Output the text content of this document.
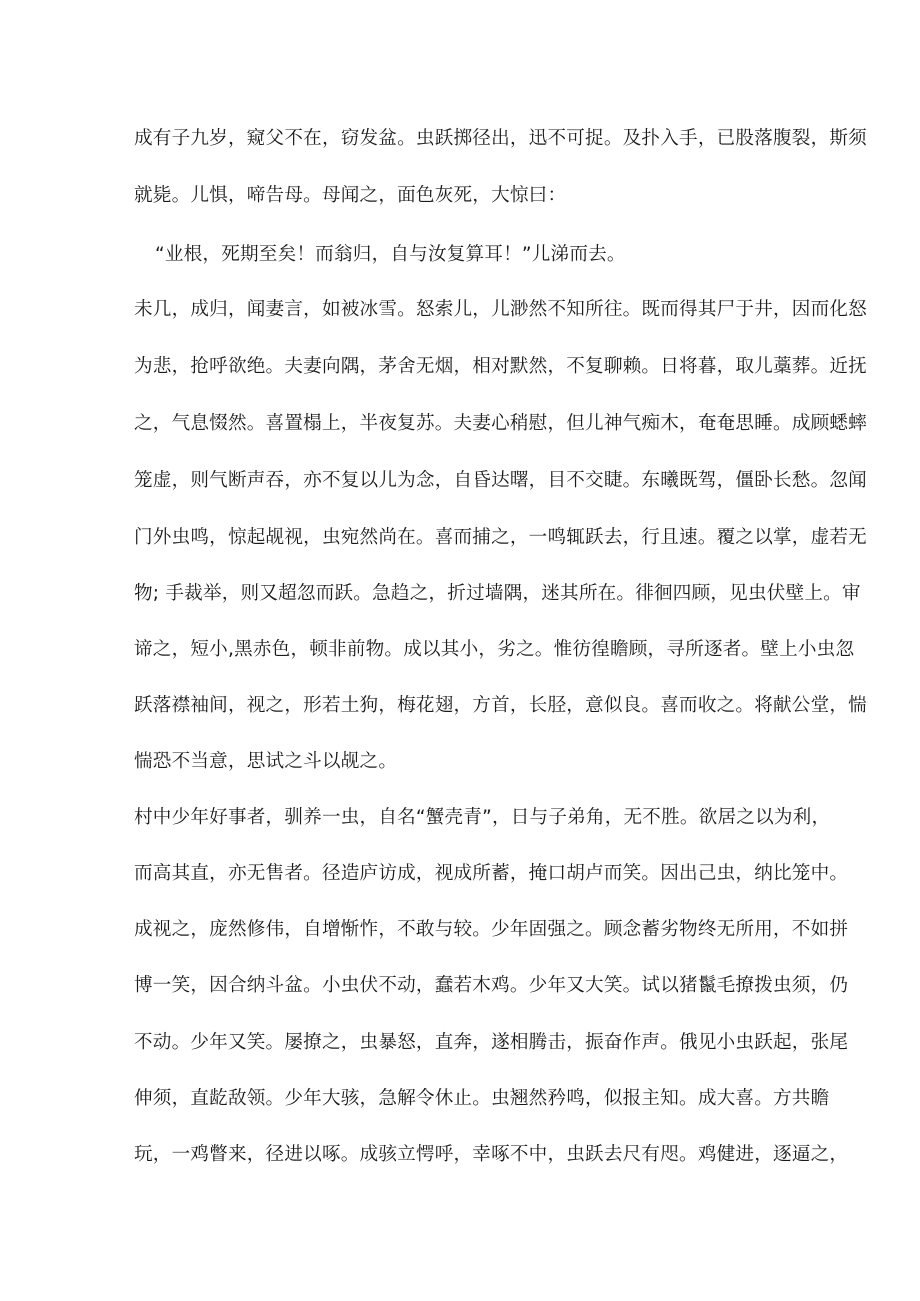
成有子九岁，窥父不在，窃发盆。虫跃掷径出，迅不可捉。及扑入手，已股落腹裂，斯须
就毙。儿惧，啼告母。母闻之，面色灰死，大惊曰：
“业根，死期至矣！而翁归，自与汝复算耳！”儿涕而去。
未几，成归，闻妻言，如被冰雪。怒索儿，儿渺然不知所往。既而得其尸于井，因而化怒
为悲，抢呼欲绝。夫妻向隅，茅舍无烟，相对默然，不复聊赖。日将暮，取儿藁葬。近抚
之，气息惙然。喜置榻上，半夜复苏。夫妻心稍慰，但儿神气痴木，奄奄思睡。成顾蟋蟀
笼虚，则气断声吞，亦不复以儿为念，自昏达曙，目不交睫。东曦既驾，僵卧长愁。忽闻
门外虫鸣，惊起觇视，虫宛然尚在。喜而捕之，一鸣辄跃去，行且速。覆之以掌，虚若无
物; 手裁举，则又超忽而跃。急趋之，折过墙隅，迷其所在。徘徊四顾，见虫伏壁上。审
谛之，短小,黑赤色，顿非前物。成以其小，劣之。惟彷徨瞻顾，寻所逐者。壁上小虫忽
跃落襟袖间，视之，形若土狗，梅花翅，方首，长胫，意似良。喜而收之。将献公堂，惴
惴恐不当意，思试之斗以觇之。
村中少年好事者，驯养一虫，自名“蟹壳青”，日与子弟角，无不胜。欲居之以为利，
而高其直，亦无售者。径造庐访成，视成所蓄，掩口胡卢而笑。因出己虫，纳比笼中。
成视之，庞然修伟，自增惭怍，不敢与较。少年固强之。顾念蓄劣物终无所用，不如拼
博一笑，因合纳斗盆。小虫伏不动，蠢若木鸡。少年又大笑。试以猪鬣毛撩拨虫须，仍
不动。少年又笑。屡撩之，虫暴怒，直奔，遂相腾击，振奋作声。俄见小虫跃起，张尾
伸须，直龁敌领。少年大骇，急解令休止。虫翘然矜鸣，似报主知。成大喜。方共瞻
玩，一鸡瞥来，径进以啄。成骇立愕呼，幸啄不中，虫跃去尺有咫。鸡健进，逐逼之，
